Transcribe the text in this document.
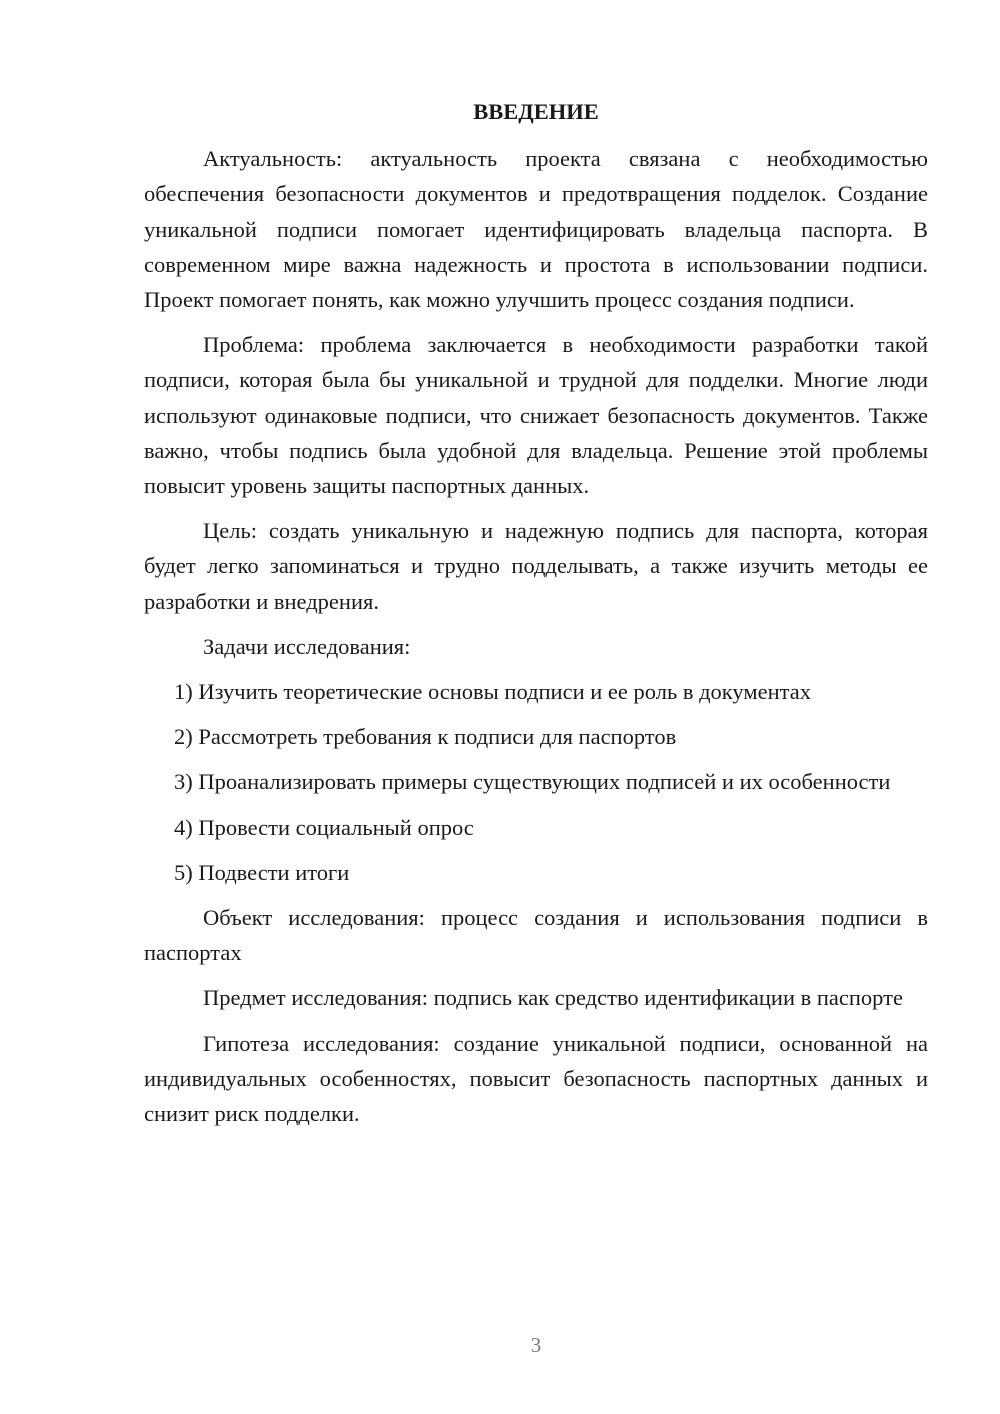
ВВЕДЕНИЕ

Актуальность: актуальность проекта связана с необходимостью обеспечения безопасности документов и предотвращения подделок. Создание уникальной подписи помогает идентифицировать владельца паспорта. В современном мире важна надежность и простота в использовании подписи. Проект помогает понять, как можно улучшить процесс создания подписи.

Проблема: проблема заключается в необходимости разработки такой подписи, которая была бы уникальной и трудной для подделки. Многие люди используют одинаковые подписи, что снижает безопасность документов. Также важно, чтобы подпись была удобной для владельца. Решение этой проблемы повысит уровень защиты паспортных данных.

Цель: создать уникальную и надежную подпись для паспорта, которая будет легко запоминаться и трудно подделывать, а также изучить методы ее разработки и внедрения.

Задачи исследования:

1) Изучить теоретические основы подписи и ее роль в документах

2) Рассмотреть требования к подписи для паспортов

3) Проанализировать примеры существующих подписей и их особенности

4) Провести социальный опрос

5) Подвести итоги

Объект исследования: процесс создания и использования подписи в паспортах

Предмет исследования: подпись как средство идентификации в паспорте

Гипотеза исследования: создание уникальной подписи, основанной на индивидуальных особенностях, повысит безопасность паспортных данных и снизит риск подделки.

3
